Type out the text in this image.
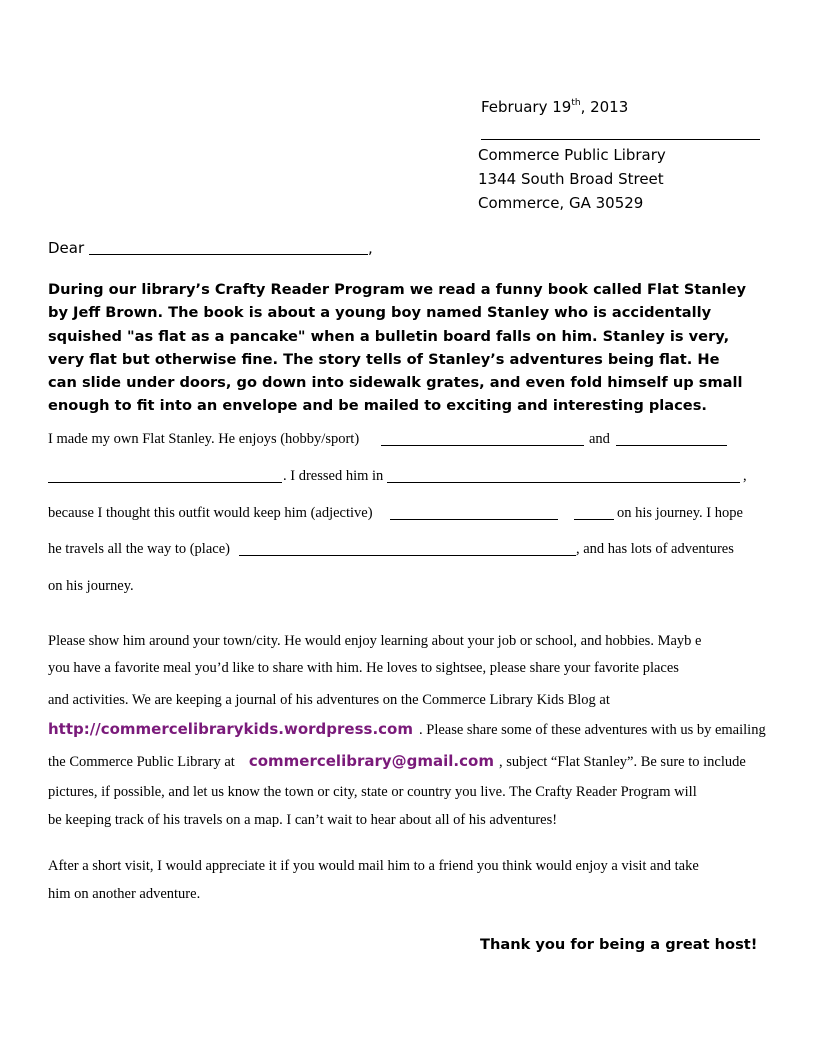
February 19th, 2013
Commerce Public Library
1344 South Broad Street
Commerce, GA 30529
Dear	,
During our library’s Crafty Reader Program we read a funny book called Flat Stanley by Jeff Brown. The book is about a young boy named Stanley who is accidentally squished "as flat as a pancake" when a bulletin board falls on him. Stanley is very, very flat but otherwise fine. The story tells of Stanley’s adventures being flat. He can slide under doors, go down into sidewalk grates, and even fold himself up small enough to fit into an envelope and be mailed to exciting and interesting places.
I made my own Flat Stanley. He enjoys (hobby/sport)	and
. I dressed him in	,
because I thought this outfit would keep him (adjective)	on his journey. I hope
he travels all the way to (place)	, and has lots of adventures
on his journey.
Please show him around your town/city. He would enjoy learning about your job or school, and hobbies. Mayb e
you have a favorite meal you’d like to share with him. He loves to sightsee, please share your favorite places
and activities. We are keeping a journal of his adventures on the Commerce Library Kids Blog at
http://commercelibrarykids.wordpress.com . Please share some of these adventures with us by emailing
the Commerce Public Library at commercelibrary@gmail.com , subject “Flat Stanley”. Be sure to include
pictures, if possible, and let us know the town or city, state or country you live. The Crafty Reader Program will
be keeping track of his travels on a map. I can’t wait to hear about all of his adventures!
After a short visit, I would appreciate it if you would mail him to a friend you think would enjoy a visit and take
him on another adventure.
Thank you for being a great host!
